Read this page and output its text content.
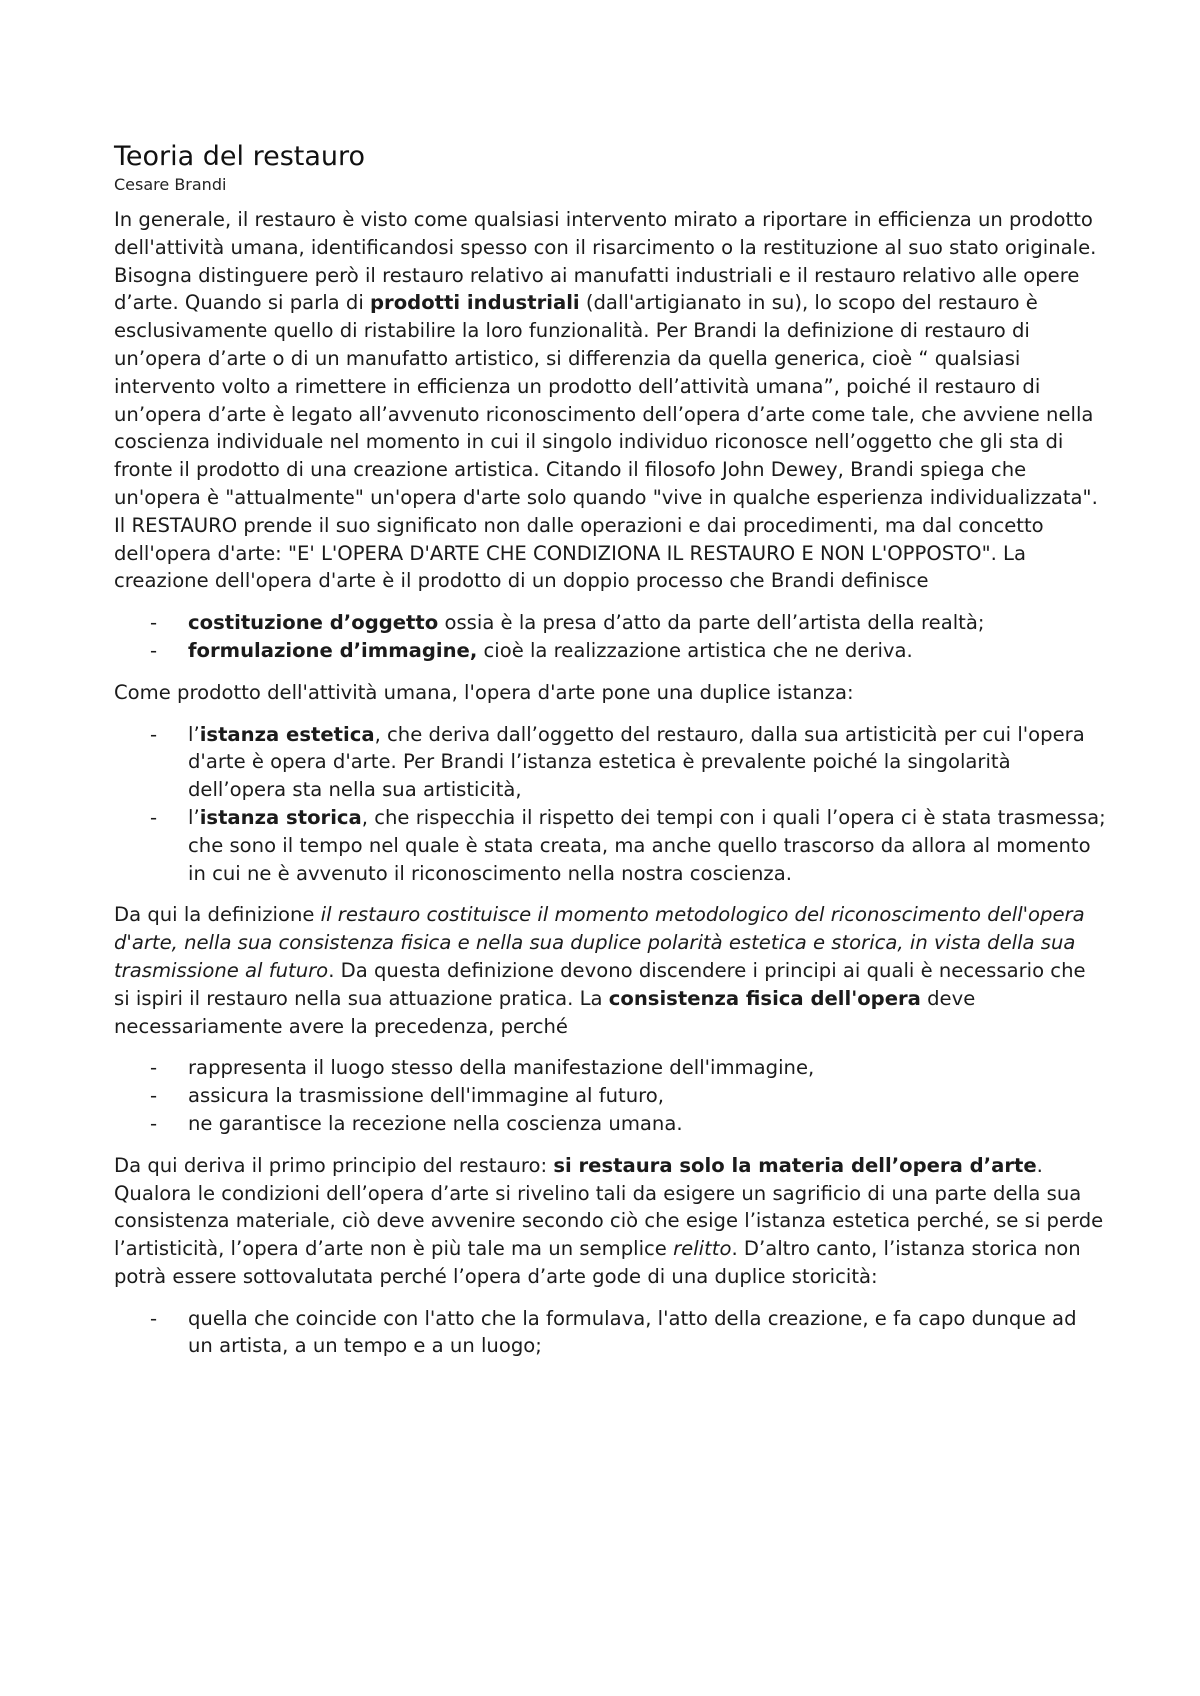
Teoria del restauro
Cesare Brandi

In generale, il restauro è visto come qualsiasi intervento mirato a riportare in efficienza un prodotto dell'attività umana, identificandosi spesso con il risarcimento o la restituzione al suo stato originale. Bisogna distinguere però il restauro relativo ai manufatti industriali e il restauro relativo alle opere d’arte. Quando si parla di prodotti industriali (dall'artigianato in su), lo scopo del restauro è esclusivamente quello di ristabilire la loro funzionalità. Per Brandi la definizione di restauro di un’opera d’arte o di un manufatto artistico, si differenzia da quella generica, cioè “ qualsiasi intervento volto a rimettere in efficienza un prodotto dell’attività umana”, poiché il restauro di un’opera d’arte è legato all’avvenuto riconoscimento dell’opera d’arte come tale, che avviene nella coscienza individuale nel momento in cui il singolo individuo riconosce nell’oggetto che gli sta di fronte il prodotto di una creazione artistica. Citando il filosofo John Dewey, Brandi spiega che un'opera è "attualmente" un'opera d'arte solo quando "vive in qualche esperienza individualizzata". Il RESTAURO prende il suo significato non dalle operazioni e dai procedimenti, ma dal concetto dell'opera d'arte: "E' L'OPERA D'ARTE CHE CONDIZIONA IL RESTAURO E NON L'OPPOSTO". La creazione dell'opera d'arte è il prodotto di un doppio processo che Brandi definisce

- costituzione d’oggetto ossia è la presa d’atto da parte dell’artista della realtà;
- formulazione d’immagine, cioè la realizzazione artistica che ne deriva.

Come prodotto dell'attività umana, l'opera d'arte pone una duplice istanza:

- l’istanza estetica, che deriva dall’oggetto del restauro, dalla sua artisticità per cui l'opera d'arte è opera d'arte. Per Brandi l’istanza estetica è prevalente poiché la singolarità dell’opera sta nella sua artisticità,
- l’istanza storica, che rispecchia il rispetto dei tempi con i quali l’opera ci è stata trasmessa; che sono il tempo nel quale è stata creata, ma anche quello trascorso da allora al momento in cui ne è avvenuto il riconoscimento nella nostra coscienza.

Da qui la definizione il restauro costituisce il momento metodologico del riconoscimento dell'opera d'arte, nella sua consistenza fisica e nella sua duplice polarità estetica e storica, in vista della sua trasmissione al futuro. Da questa definizione devono discendere i principi ai quali è necessario che si ispiri il restauro nella sua attuazione pratica. La consistenza fisica dell'opera deve necessariamente avere la precedenza, perché

- rappresenta il luogo stesso della manifestazione dell'immagine,
- assicura la trasmissione dell'immagine al futuro,
- ne garantisce la recezione nella coscienza umana.

Da qui deriva il primo principio del restauro: si restaura solo la materia dell’opera d’arte. Qualora le condizioni dell’opera d’arte si rivelino tali da esigere un sagrificio di una parte della sua consistenza materiale, ciò deve avvenire secondo ciò che esige l’istanza estetica perché, se si perde l’artisticità, l’opera d’arte non è più tale ma un semplice relitto. D’altro canto, l’istanza storica non potrà essere sottovalutata perché l’opera d’arte gode di una duplice storicità:

- quella che coincide con l'atto che la formulava, l'atto della creazione, e fa capo dunque ad un artista, a un tempo e a un luogo;
